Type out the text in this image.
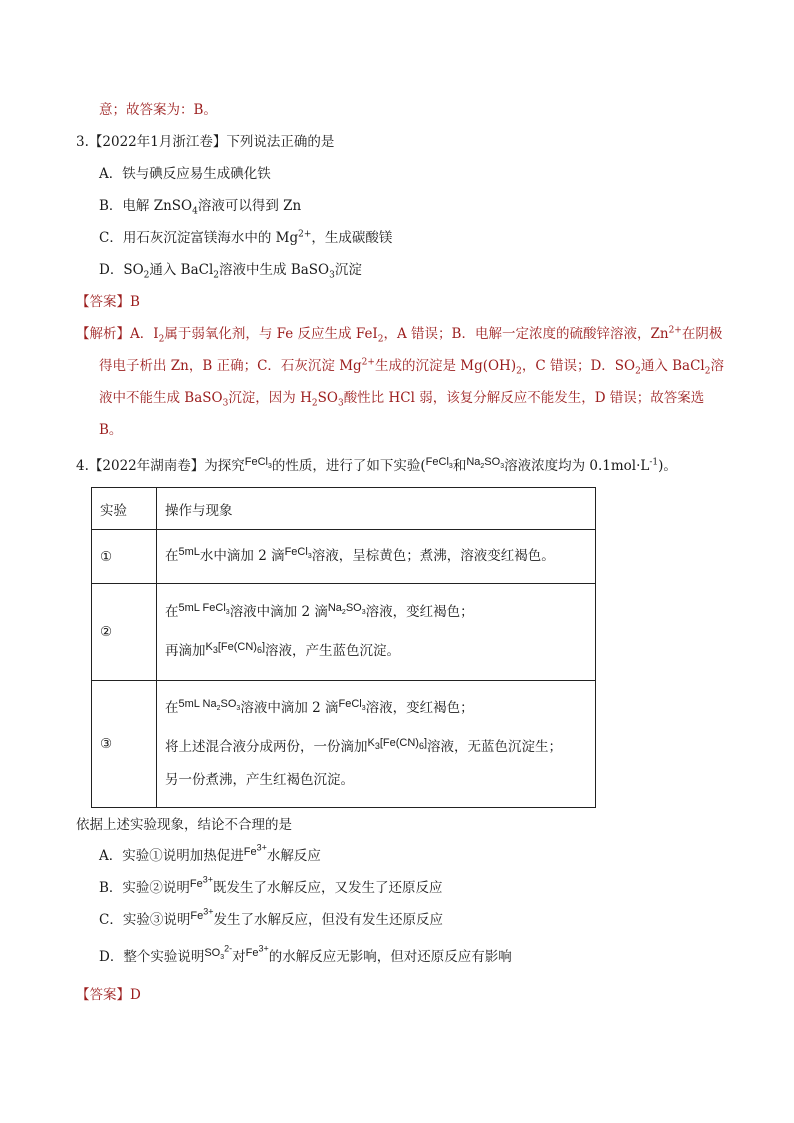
意；故答案为：B。
3.【2022年1月浙江卷】下列说法正确的是
A．铁与碘反应易生成碘化铁
B．电解 ZnSO$_4$溶液可以得到 Zn
C．用石灰沉淀富镁海水中的 $Mg^{2+}$，生成碳酸镁
D．$SO_2$通入 BaCl$_2$溶液中生成 BaSO$_3$沉淀
【答案】B
【解析】A．$I_2$属于弱氧化剂，与 Fe 反应生成 FeI$_2$，A 错误；B．电解一定浓度的硫酸锌溶液，$Zn^{2+}$在阴极
得电子析出 Zn，B 正确；C．石灰沉淀 $Mg^{2+}$生成的沉淀是 $Mg(OH)_2$，C 错误；D．$SO_2$通入 BaCl$_2$溶
液中不能生成 BaSO$_3$沉淀，因为 $H_2SO_3$酸性比 HCl 弱，该复分解反应不能发生，D 错误；故答案选
B。
4.【2022年湖南卷】为探究$^{FeCl_3}$的性质，进行了如下实验($^{FeCl_3}$和$^{Na_2SO_3}$溶液浓度均为 $0.1mol\cdot L^{-1}$)。
实验	操作与现象
①	在$^{5mL}$水中滴加 2 滴$^{FeCl_3}$溶液，呈棕黄色；煮沸，溶液变红褐色。

②	在$^{5mL FeCl_3}$溶液中滴加 2 滴$^{Na_2SO_3}$溶液，变红褐色；
再滴加$^{K_3[Fe(CN)_6]}$溶液，产生蓝色沉淀。

③	在$^{5mL Na_2SO_3}$溶液中滴加 2 滴$^{FeCl_3}$溶液，变红褐色；
将上述混合液分成两份，一份滴加$^{K_3[Fe(CN)_6]}$溶液，无蓝色沉淀生；
另一份煮沸，产生红褐色沉淀。
依据上述实验现象，结论不合理的是
A．实验①说明加热促进$^{Fe^{3+}}$水解反应
B．实验②说明$^{Fe^{3+}}$既发生了水解反应，又发生了还原反应
C．实验③说明$^{Fe^{3+}}$发生了水解反应，但没有发生还原反应
D．整个实验说明$^{SO_3^{2-}}$对$^{Fe^{3+}}$的水解反应无影响，但对还原反应有影响
【答案】D
